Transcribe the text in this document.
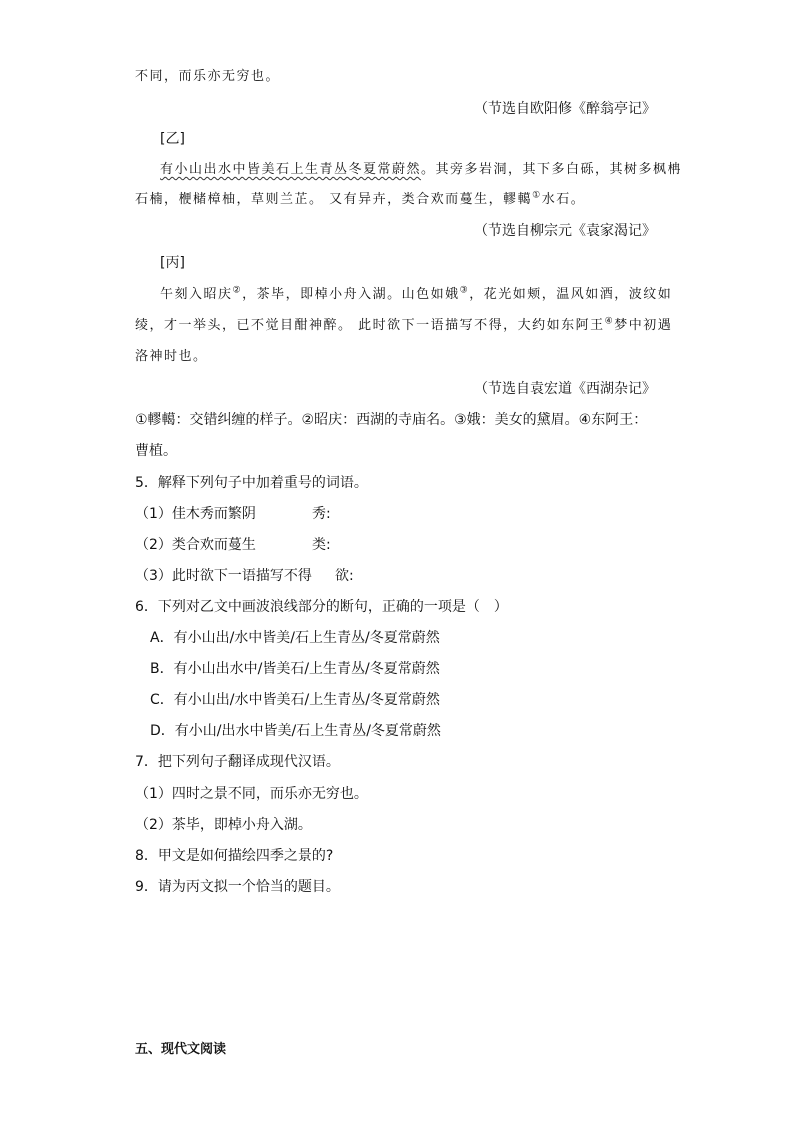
不同，而乐亦无穷也。
（节选自欧阳修《醉翁亭记》
[乙]
有小山出水中皆美石上生青丛冬夏常蔚然。其旁多岩洞，其下多白砾，其树多枫柟
石楠，楩槠樟柚，草则兰芷。 又有异卉，类合欢而蔓生，轇轕①水石。
（节选自柳宗元《袁家渴记》
[丙]
午刻入昭庆②，茶毕，即棹小舟入湖。山色如娥③，花光如颊，温风如酒，波纹如
绫，才一举头，已不觉目酣神醉。 此时欲下一语描写不得，大约如东阿王④梦中初遇
洛神时也。
（节选自袁宏道《西湖杂记》
①轇轕：交错纠缠的样子。②昭庆：西湖的寺庙名。③娥：美女的黛眉。④东阿王：
曹植。
5．解释下列句子中加着重号的词语。
（1）佳木秀而繁阴	秀:
（2）类合欢而蔓生	类:
（3）此时欲下一语描写不得 欲:
6．下列对乙文中画波浪线部分的断句，正确的一项是（　）
A．有小山出/水中皆美/石上生青丛/冬夏常蔚然
B．有小山出水中/皆美石/上生青丛/冬夏常蔚然
C．有小山出/水中皆美石/上生青丛/冬夏常蔚然
D．有小山/出水中皆美/石上生青丛/冬夏常蔚然
7．把下列句子翻译成现代汉语。
（1）四时之景不同，而乐亦无穷也。
（2）茶毕，即棹小舟入湖。
8．甲文是如何描绘四季之景的?
9．请为丙文拟一个恰当的题目。
五、现代文阅读
